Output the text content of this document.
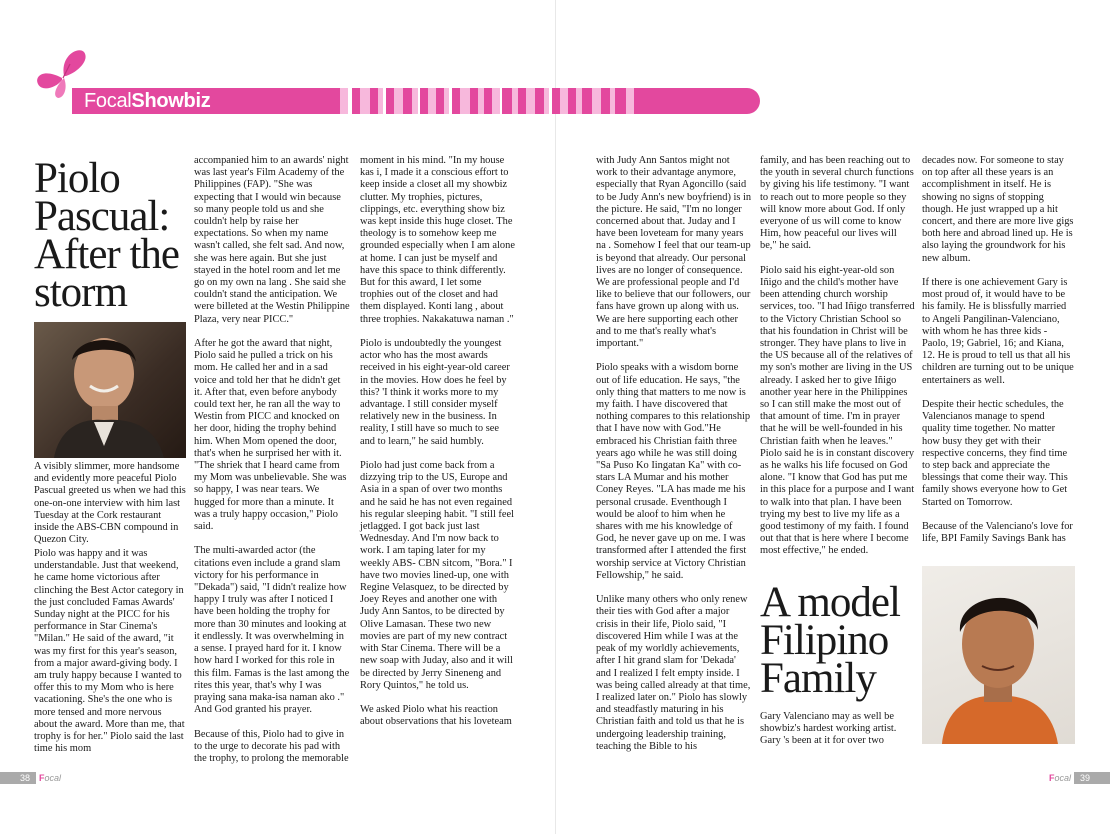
FocalShowbiz
Piolo Pascual: After the storm
A visibly slimmer, more handsome and evidently more peaceful Piolo Pascual greeted us when we had this one-on-one interview with him last Tuesday at the Cork restaurant inside the ABS-CBN compound in Quezon City.

Piolo was happy and it was understandable. Just that weekend, he came home victorious after clinching the Best Actor category in the just concluded Famas Awards' Sunday night at the PICC for his performance in Star Cinema's "Milan." He said of the award, "it was my first for this year's season, from a major award-giving body. I am truly happy because I wanted to offer this to my Mom who is here vacationing. She's the one who is more tensed and more nervous about the award. More than me, that trophy is for her." Piolo said the last time his mom

accompanied him to an awards' night was last year's Film Academy of the Philippines (FAP). "She was expecting that I would win because so many people told us and she couldn't help by raise her expectations. So when my name wasn't called, she felt sad. And now, she was here again. But she just stayed in the hotel room and let me go on my own na lang . She said she couldn't stand the anticipation. We were billeted at the Westin Philippine Plaza, very near PICC."

After he got the award that night, Piolo said he pulled a trick on his mom. He called her and in a sad voice and told her that he didn't get it. After that, even before anybody could text her, he ran all the way to Westin from PICC and knocked on her door, hiding the trophy behind him. When Mom opened the door, that's when he surprised her with it. "The shriek that I heard came from my Mom was unbelievable. She was so happy, I was near tears. We hugged for more than a minute. It was a truly happy occasion," Piolo said.

The multi-awarded actor (the citations even include a grand slam victory for his performance in "Dekada") said, "I didn't realize how happy I truly was after I noticed I have been holding the trophy for more than 30 minutes and looking at it endlessly. It was overwhelming in a sense. I prayed hard for it. I know how hard I worked for this role in this film. Famas is the last among the rites this year, that's why I was praying sana maka-isa naman ako ." And God granted his prayer.

Because of this, Piolo had to give in to the urge to decorate his pad with the trophy, to prolong the memorable

moment in his mind. "In my house kas i, I made it a conscious effort to keep inside a closet all my showbiz clutter. My trophies, pictures, clippings, etc. everything show biz was kept inside this huge closet. The theology is to somehow keep me grounded especially when I am alone at home. I can just be myself and have this space to think differently. But for this award, I let some trophies out of the closet and had them displayed. Konti lang , about three trophies. Nakakatuwa naman ."

Piolo is undoubtedly the youngest actor who has the most awards received in his eight-year-old career in the movies. How does he feel by this? 'I think it works more to my advantage. I still consider myself relatively new in the business. In reality, I still have so much to see and to learn," he said humbly.

Piolo had just come back from a dizzying trip to the US, Europe and Asia in a span of over two months and he said he has not even regained his regular sleeping habit. "I still feel jetlagged. I got back just last Wednesday. And I'm now back to work. I am taping later for my weekly ABS- CBN sitcom, "Bora." I have two movies lined-up, one with Regine Velasquez, to be directed by Joey Reyes and another one with Judy Ann Santos, to be directed by Olive Lamasan. These two new movies are part of my new contract with Star Cinema. There will be a new soap with Juday, also and it will be directed by Jerry Sineneng and Rory Quintos," he told us.

We asked Piolo what his reaction about observations that his loveteam

with Judy Ann Santos might not work to their advantage anymore, especially that Ryan Agoncillo (said to be Judy Ann's new boyfriend) is in the picture. He said, "I'm no longer concerned about that. Juday and I have been loveteam for many years na . Somehow I feel that our team-up is beyond that already. Our personal lives are no longer of consequence. We are professional people and I'd like to believe that our followers, our fans have grown up along with us. We are here supporting each other and to me that's really what's important."

Piolo speaks with a wisdom borne out of life education. He says, "the only thing that matters to me now is my faith. I have discovered that nothing compares to this relationship that I have now with God."He embraced his Christian faith three years ago while he was still doing "Sa Puso Ko Iingatan Ka" with co-stars LA Mumar and his mother Coney Reyes. "LA has made me his personal crusade. Eventhough I would be aloof to him when he shares with me his knowledge of God, he never gave up on me. I was transformed after I attended the first worship service at Victory Christian Fellowship," he said.

Unlike many others who only renew their ties with God after a major crisis in their life, Piolo said, "I discovered Him while I was at the peak of my worldly achievements, after I hit grand slam for 'Dekada' and I realized I felt empty inside. I was being called already at that time, I realized later on." Piolo has slowly and steadfastly maturing in his Christian faith and told us that he is undergoing leadership training, teaching the Bible to his

family, and has been reaching out to the youth in several church functions by giving his life testimony. "I want to reach out to more people so they will know more about God. If only everyone of us will come to know Him, how peaceful our lives will be," he said.

Piolo said his eight-year-old son Iñigo and the child's mother have been attending church worship services, too. "I had Iñigo transferred to the Victory Christian School so that his foundation in Christ will be stronger. They have plans to live in the US because all of the relatives of my son's mother are living in the US already. I asked her to give Iñigo another year here in the Philippines so I can still make the most out of that amount of time. I'm in prayer that he will be well-founded in his Christian faith when he leaves." Piolo said he is in constant discovery as he walks his life focused on God alone. "I know that God has put me in this place for a purpose and I want to walk into that plan. I have been trying my best to live my life as a good testimony of my faith. I found out that that is here where I become most effective," he ended.

A model Filipino Family

Gary Valenciano may as well be showbiz's hardest working artist. Gary 's been at it for over two

decades now. For someone to stay on top after all these years is an accomplishment in itself. He is showing no signs of stopping though. He just wrapped up a hit concert, and there are more live gigs both here and abroad lined up. He is also laying the groundwork for his new album.

If there is one achievement Gary is most proud of, it would have to be his family. He is blissfully married to Angeli Pangilinan-Valenciano, with whom he has three kids - Paolo, 19; Gabriel, 16; and Kiana, 12. He is proud to tell us that all his children are turning out to be unique entertainers as well.

Despite their hectic schedules, the Valencianos manage to spend quality time together. No matter how busy they get with their respective concerns, they find time to step back and appreciate the blessings that come their way. This family shows everyone how to Get Started on Tomorrow.

Because of the Valenciano's love for life, BPI Family Savings Bank has

38	Focal	Focal	39
